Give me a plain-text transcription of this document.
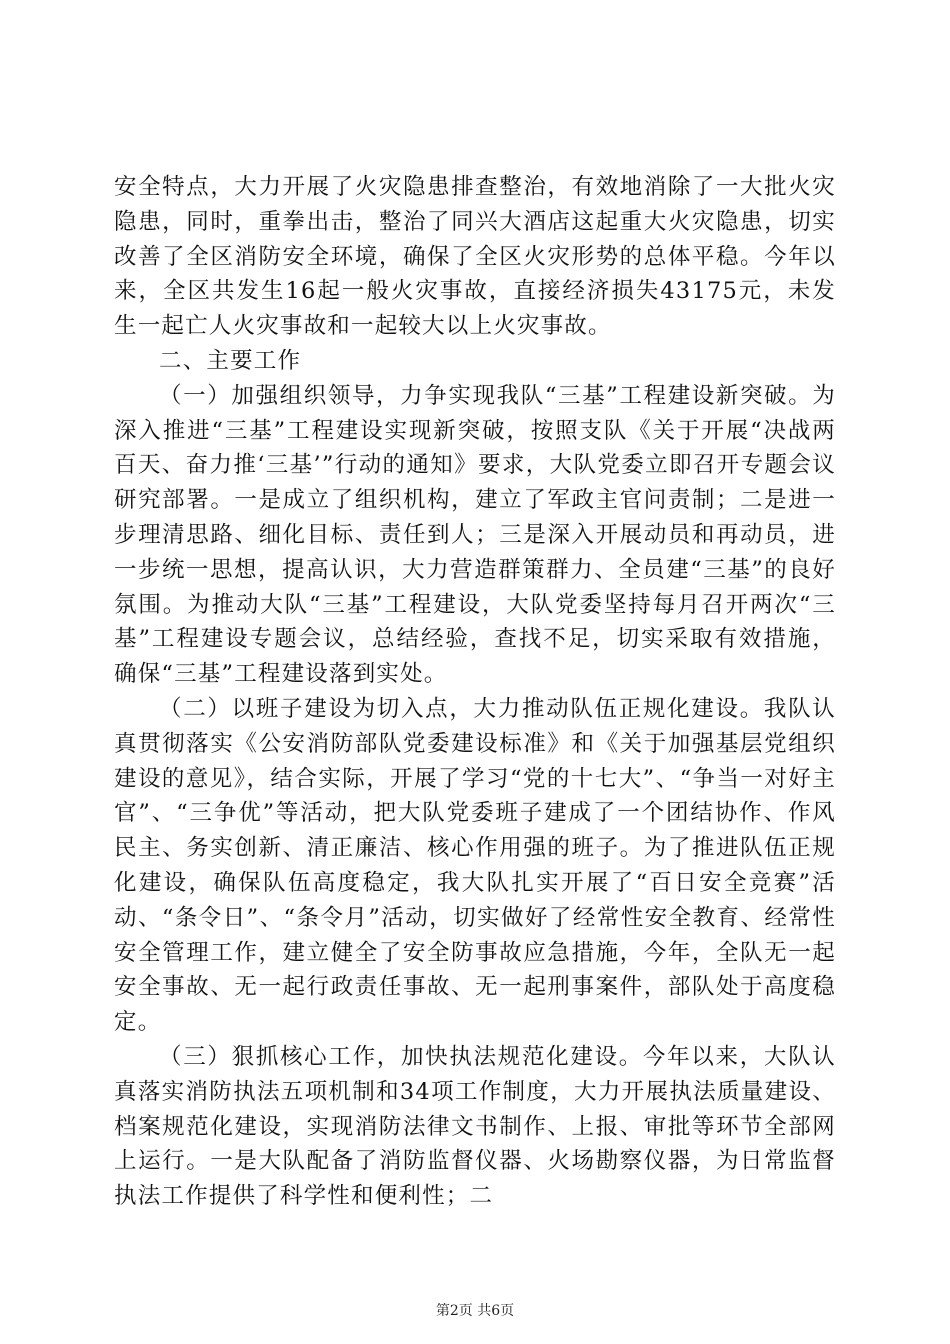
安全特点，大力开展了火灾隐患排查整治，有效地消除了一大批火灾隐患，同时，重拳出击，整治了同兴大酒店这起重大火灾隐患，切实改善了全区消防安全环境，确保了全区火灾形势的总体平稳。今年以来，全区共发生16起一般火灾事故，直接经济损失43175元，未发生一起亡人火灾事故和一起较大以上火灾事故。

二、主要工作

（一）加强组织领导，力争实现我队“三基”工程建设新突破。为深入推进“三基”工程建设实现新突破，按照支队《关于开展“决战两百天、奋力推‘三基’”行动的通知》要求，大队党委立即召开专题会议研究部署。一是成立了组织机构，建立了军政主官问责制；二是进一步理清思路、细化目标、责任到人；三是深入开展动员和再动员，进一步统一思想，提高认识，大力营造群策群力、全员建“三基”的良好氛围。为推动大队“三基”工程建设，大队党委坚持每月召开两次“三基”工程建设专题会议，总结经验，查找不足，切实采取有效措施，确保“三基”工程建设落到实处。

（二）以班子建设为切入点，大力推动队伍正规化建设。我队认真贯彻落实《公安消防部队党委建设标准》和《关于加强基层党组织建设的意见》，结合实际，开展了学习“党的十七大”、“争当一对好主官”、“三争优”等活动，把大队党委班子建成了一个团结协作、作风民主、务实创新、清正廉洁、核心作用强的班子。为了推进队伍正规化建设，确保队伍高度稳定，我大队扎实开展了“百日安全竞赛”活动、“条令日”、“条令月”活动，切实做好了经常性安全教育、经常性安全管理工作，建立健全了安全防事故应急措施，今年，全队无一起安全事故、无一起行政责任事故、无一起刑事案件，部队处于高度稳定。

（三）狠抓核心工作，加快执法规范化建设。今年以来，大队认真落实消防执法五项机制和34项工作制度，大力开展执法质量建设、档案规范化建设，实现消防法律文书制作、上报、审批等环节全部网上运行。一是大队配备了消防监督仪器、火场勘察仪器，为日常监督执法工作提供了科学性和便利性；二

第2页 共6页
